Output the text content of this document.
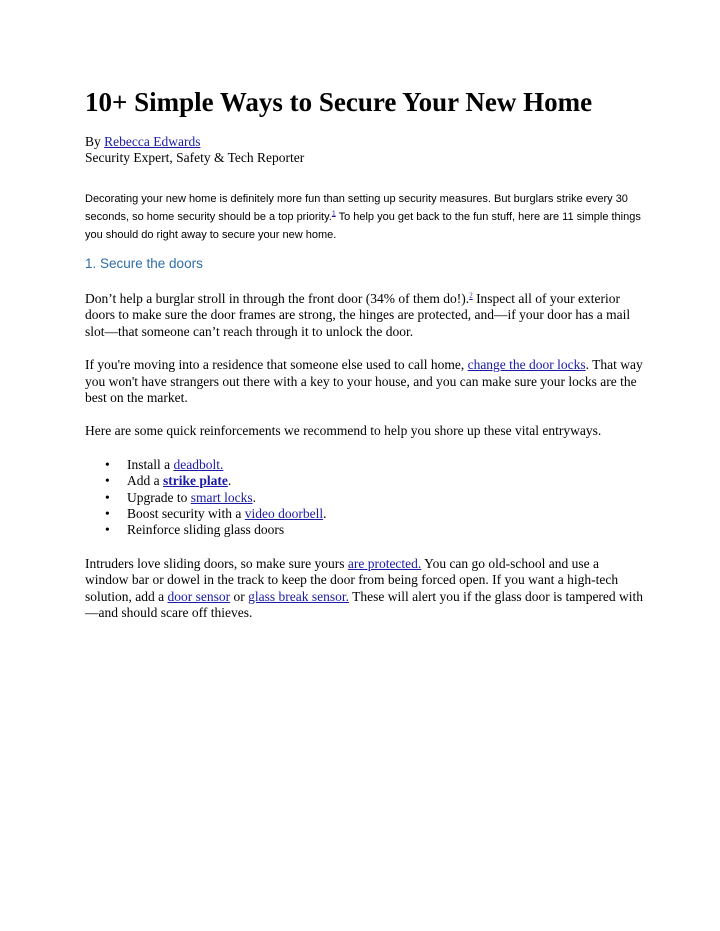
10+ Simple Ways to Secure Your New Home
By Rebecca Edwards
Security Expert, Safety & Tech Reporter
Decorating your new home is definitely more fun than setting up security measures. But burglars strike every 30 seconds, so home security should be a top priority.$^1$ To help you get back to the fun stuff, here are 11 simple things you should do right away to secure your new home.
1. Secure the doors

Don’t help a burglar stroll in through the front door (34% of them do!).$^2$ Inspect all of your exterior doors to make sure the door frames are strong, the hinges are protected, and—if your door has a mail slot—that someone can’t reach through it to unlock the door.

If you're moving into a residence that someone else used to call home, change the door locks. That way you won't have strangers out there with a key to your house, and you can make sure your locks are the best on the market.

Here are some quick reinforcements we recommend to help you shore up these vital entryways.

• Install a deadbolt.
• Add a strike plate.
• Upgrade to smart locks.
• Boost security with a video doorbell.
• Reinforce sliding glass doors

Intruders love sliding doors, so make sure yours are protected. You can go old-school and use a window bar or dowel in the track to keep the door from being forced open. If you want a high-tech solution, add a door sensor or glass break sensor. These will alert you if the glass door is tampered with—and should scare off thieves.
